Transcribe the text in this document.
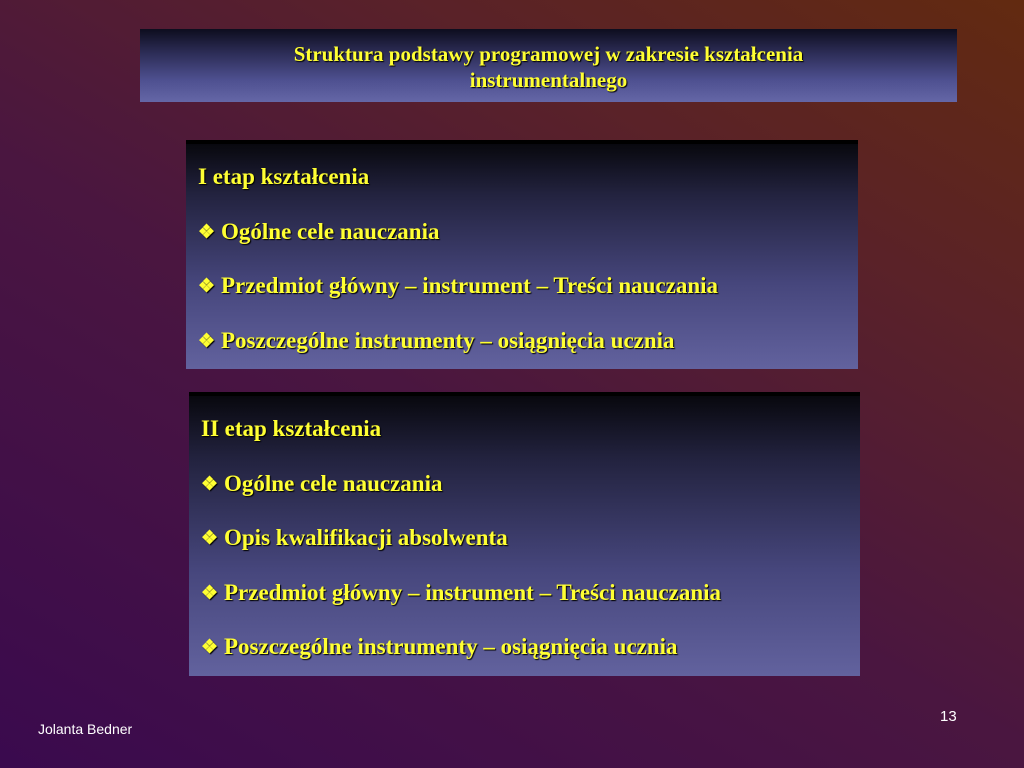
Struktura podstawy programowej w zakresie kształcenia
instrumentalnego
I etap kształcenia
❖ Ogólne cele nauczania
❖ Przedmiot główny – instrument – Treści nauczania
❖ Poszczególne instrumenty – osiągnięcia ucznia
II etap kształcenia
❖ Ogólne cele nauczania
❖ Opis kwalifikacji absolwenta
❖ Przedmiot główny – instrument – Treści nauczania
❖ Poszczególne instrumenty – osiągnięcia ucznia
Jolanta Bedner
13
